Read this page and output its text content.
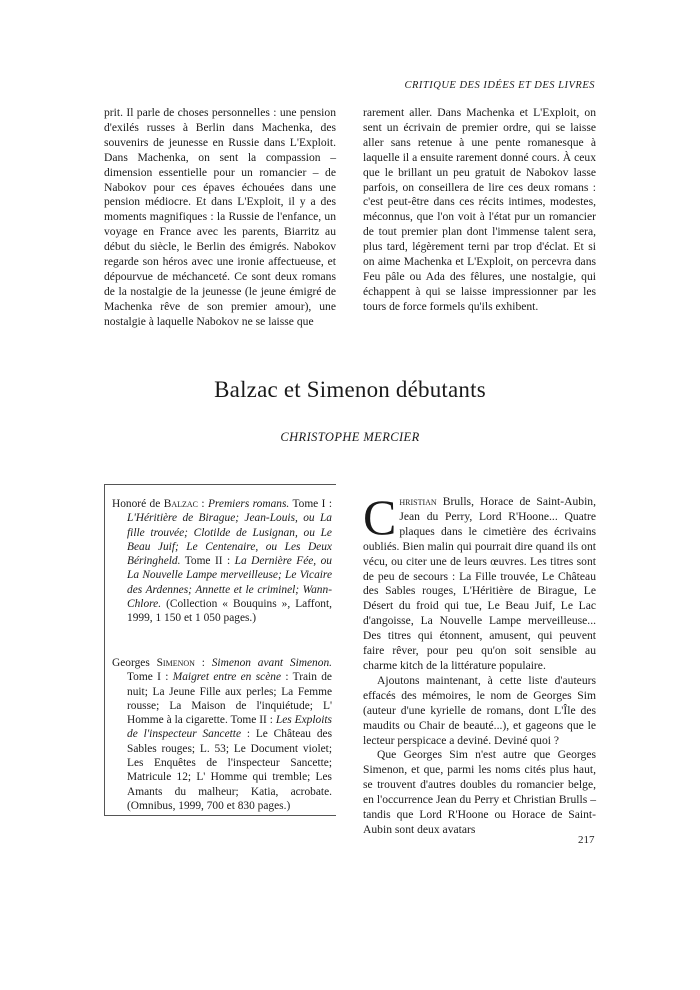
CRITIQUE DES IDÉES ET DES LIVRES

prit. Il parle de choses personnelles : une pension d'exilés russes à Berlin dans Machenka, des souvenirs de jeunesse en Russie dans L'Exploit. Dans Machenka, on sent la compassion – dimension essentielle pour un romancier – de Nabokov pour ces épaves échouées dans une pension médiocre. Et dans L'Exploit, il y a des moments magnifiques : la Russie de l'enfance, un voyage en France avec les parents, Biarritz au début du siècle, le Berlin des émigrés. Nabokov regarde son héros avec une ironie affectueuse, et dépourvue de méchanceté. Ce sont deux romans de la nostalgie de la jeunesse (le jeune émigré de Machenka rêve de son premier amour), une nostalgie à laquelle Nabokov ne se laisse que

rarement aller. Dans Machenka et L'Exploit, on sent un écrivain de premier ordre, qui se laisse aller sans retenue à une pente romanesque à laquelle il a ensuite rarement donné cours. À ceux que le brillant un peu gratuit de Nabokov lasse parfois, on conseillera de lire ces deux romans : c'est peut-être dans ces récits intimes, modestes, méconnus, que l'on voit à l'état pur un romancier de tout premier plan dont l'immense talent sera, plus tard, légèrement terni par trop d'éclat. Et si on aime Machenka et L'Exploit, on percevra dans Feu pâle ou Ada des fêlures, une nostalgie, qui échappent à qui se laisse impressionner par les tours de force formels qu'ils exhibent.

Balzac et Simenon débutants
CHRISTOPHE MERCIER

Honoré de Balzac : Premiers romans. Tome I : L'Héritière de Birague; Jean-Louis, ou La fille trouvée; Clotilde de Lusignan, ou Le Beau Juif; Le Centenaire, ou Les Deux Béringheld. Tome II : La Dernière Fée, ou La Nouvelle Lampe merveilleuse; Le Vicaire des Ardennes; Annette et le criminel; Wann-Chlore. (Collection « Bouquins », Laffont, 1999, 1 150 et 1 050 pages.)

Georges Simenon : Simenon avant Simenon. Tome I : Maigret entre en scène : Train de nuit; La Jeune Fille aux perles; La Femme rousse; La Maison de l'inquiétude; L' Homme à la cigarette. Tome II : Les Exploits de l'inspecteur Sancette : Le Château des Sables rouges; L. 53; Le Document violet; Les Enquêtes de l'inspecteur Sancette; Matricule 12; L' Homme qui tremble; Les Amants du malheur; Katia, acrobate. (Omnibus, 1999, 700 et 830 pages.)

Christian Brulls, Horace de Saint-Aubin, Jean du Perry, Lord R'Hoone... Quatre plaques dans le cimetière des écrivains oubliés. Bien malin qui pourrait dire quand ils ont vécu, ou citer une de leurs œuvres. Les titres sont de peu de secours : La Fille trouvée, Le Château des Sables rouges, L'Héritière de Birague, Le Désert du froid qui tue, Le Beau Juif, Le Lac d'angoisse, La Nouvelle Lampe merveilleuse... Des titres qui étonnent, amusent, qui peuvent faire rêver, pour peu qu'on soit sensible au charme kitch de la littérature populaire.

Ajoutons maintenant, à cette liste d'auteurs effacés des mémoires, le nom de Georges Sim (auteur d'une kyrielle de romans, dont L'Île des maudits ou Chair de beauté...), et gageons que le lecteur perspicace a deviné. Deviné quoi ?

Que Georges Sim n'est autre que Georges Simenon, et que, parmi les noms cités plus haut, se trouvent d'autres doubles du romancier belge, en l'occurrence Jean du Perry et Christian Brulls – tandis que Lord R'Hoone ou Horace de Saint-Aubin sont deux avatars

217
